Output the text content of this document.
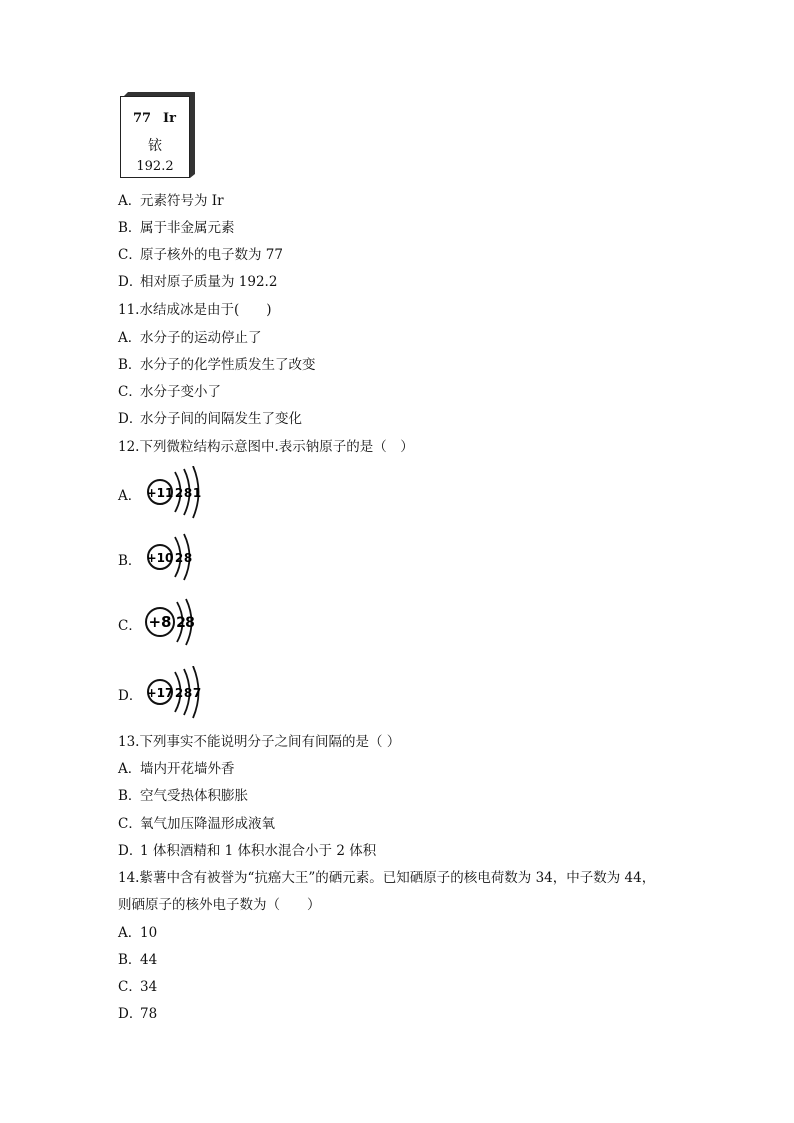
77 Ir
铱
192.2
A．元素符号为 Ir
B．属于非金属元素
C．原子核外的电子数为 77
D．相对原子质量为 192.2
11.水结成冰是由于(　　)
A．水分子的运动停止了
B．水分子的化学性质发生了改变
C．水分子变小了
D．水分子间的间隔发生了变化
12.下列微粒结构示意图中.表示钠原子的是（　）
A． +11 2 8 1
B． +10 2 8
C． +8 2 8
D． +17 2 8 7
13.下列事实不能说明分子之间有间隔的是（ ）
A．墙内开花墙外香
B．空气受热体积膨胀
C．氧气加压降温形成液氧
D．1 体积酒精和 1 体积水混合小于 2 体积
14.紫薯中含有被誉为“抗癌大王”的硒元素。已知硒原子的核电荷数为 34，中子数为 44，
则硒原子的核外电子数为（　　）
A．10
B．44
C．34
D．78
